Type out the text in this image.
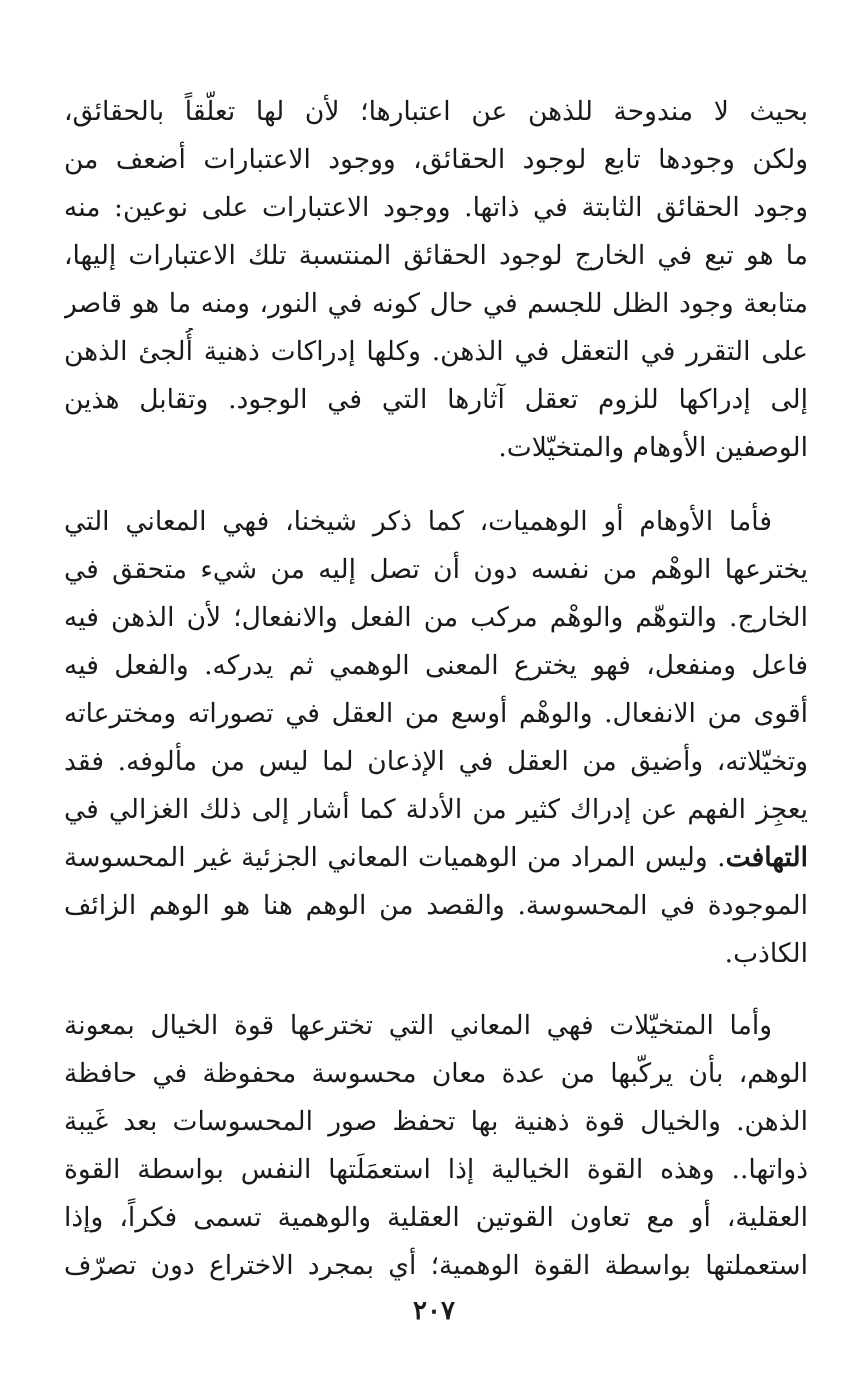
بحيث لا مندوحة للذهن عن اعتبارها؛ لأن لها تعلّقاً بالحقائق،
ولكن وجودها تابع لوجود الحقائق، ووجود الاعتبارات أضعف من
وجود الحقائق الثابتة في ذاتها. ووجود الاعتبارات على نوعين: منه
ما هو تبع في الخارج لوجود الحقائق المنتسبة تلك الاعتبارات إليها،
متابعة وجود الظل للجسم في حال كونه في النور، ومنه ما هو قاصر
على التقرر في التعقل في الذهن. وكلها إدراكات ذهنية أُلجئ الذهن
إلى إدراكها للزوم تعقل آثارها التي في الوجود. وتقابل هذين
الوصفين الأوهام والمتخيّلات.
فأما الأوهام أو الوهميات، كما ذكر شيخنا، فهي المعاني التي
يخترعها الوهْم من نفسه دون أن تصل إليه من شيء متحقق في
الخارج. والتوهّم والوهْم مركب من الفعل والانفعال؛ لأن الذهن فيه
فاعل ومنفعل، فهو يخترع المعنى الوهمي ثم يدركه. والفعل فيه
أقوى من الانفعال. والوهْم أوسع من العقل في تصوراته ومخترعاته
وتخيّلاته، وأضيق من العقل في الإذعان لما ليس من مألوفه. فقد
يعجِز الفهم عن إدراك كثير من الأدلة كما أشار إلى ذلك الغزالي في
التهافت. وليس المراد من الوهميات المعاني الجزئية غير المحسوسة
الموجودة في المحسوسة. والقصد من الوهم هنا هو الوهم الزائف
الكاذب.
وأما المتخيّلات فهي المعاني التي تخترعها قوة الخيال بمعونة
الوهم، بأن يركّبها من عدة معان محسوسة محفوظة في حافظة
الذهن. والخيال قوة ذهنية بها تحفظ صور المحسوسات بعد غَيبة
ذواتها.. وهذه القوة الخيالية إذا استعمَلَتها النفس بواسطة القوة
العقلية، أو مع تعاون القوتين العقلية والوهمية تسمى فكراً، وإذا
استعملتها بواسطة القوة الوهمية؛ أي بمجرد الاختراع دون تصرّف
٢٠٧
